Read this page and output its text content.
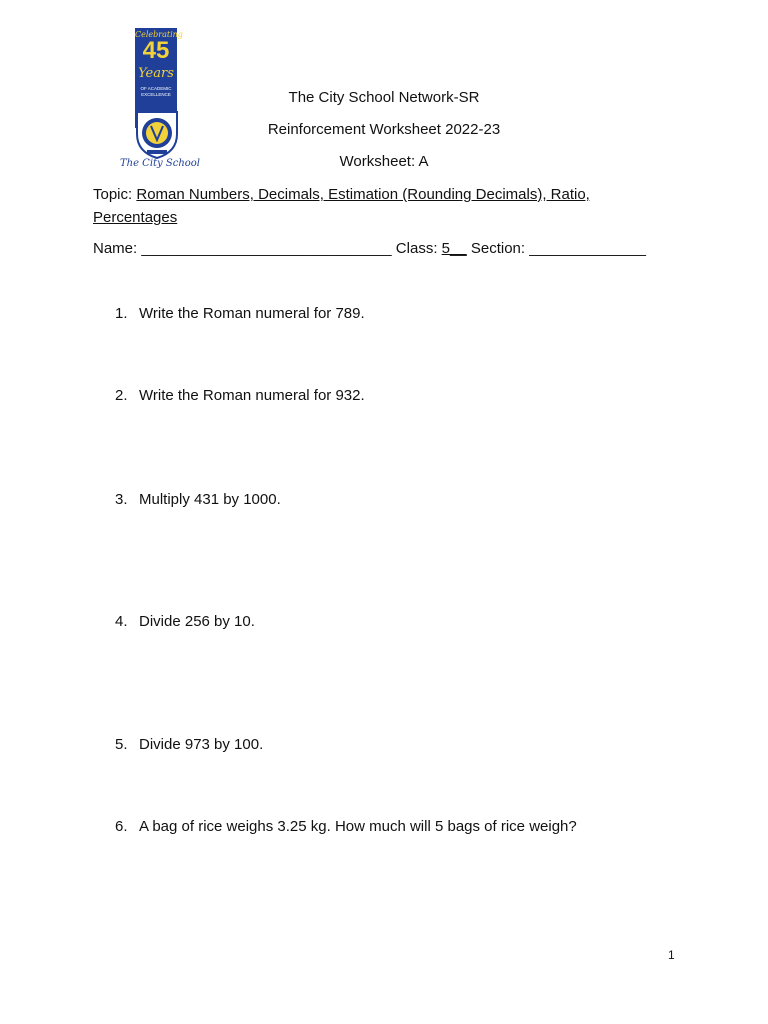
Celebrating
45
Years
OF ACADEMIC EXCELLENCE
The City School
The City School Network-SR
Reinforcement Worksheet 2022-23
Worksheet: A
Topic: Roman Numbers, Decimals, Estimation (Rounding Decimals), Ratio,
Percentages
Name: ______________________________ Class: 5__ Section: ______________
1. Write the Roman numeral for 789.
2. Write the Roman numeral for 932.
3. Multiply 431 by 1000.
4. Divide 256 by 10.
5. Divide 973 by 100.
6. A bag of rice weighs 3.25 kg. How much will 5 bags of rice weigh?
1
